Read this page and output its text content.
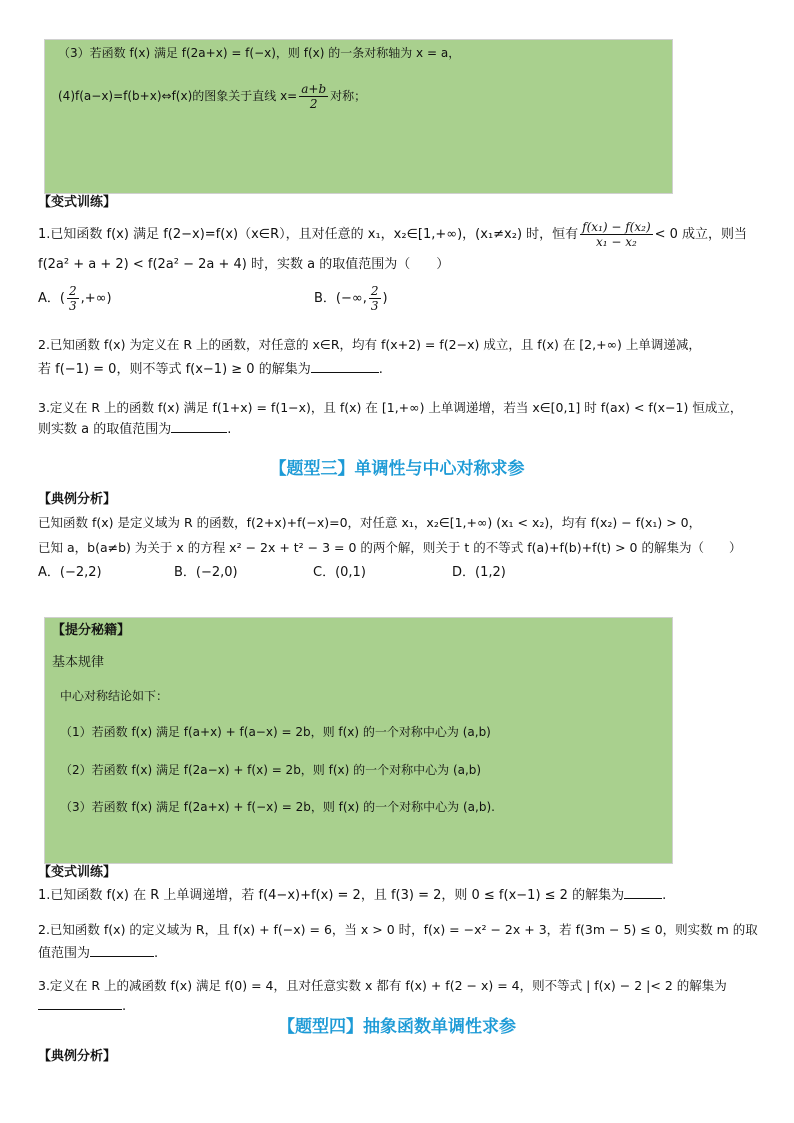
（3）若函数 f(x) 满足 f(2a+x) = f(−x)，则 f(x) 的一条对称轴为 x = a，
(4)f(a−x)=f(b+x)⇔f(x)的图象关于直线 $x= \frac{a+b}{2}$ 对称；
【变式训练】
1.已知函数 f(x) 满足 f(2−x)=f(x)（x∈R），且对任意的 x₁，x₂∈[1,+∞)，(x₁≠x₂) 时，恒有 $\frac{\text{f(x₁) − f(x₂)}}{\text{x₁ − x₂}} < 0$ 成立，则当
f(2a² + a + 2) < f(2a² − 2a + 4) 时，实数 a 的取值范围为（　　）
A．( $\frac{2}{3}$ ,+∞)	B．(−∞, $\frac{2}{3}$ )
2.已知函数 f(x) 为定义在 R 上的函数，对任意的 x∈R，均有 f(x+2) = f(2−x) 成立，且 f(x) 在 [2,+∞) 上单调递减，
若 f(−1) = 0，则不等式 f(x−1) ≥ 0 的解集为	.
3.定义在 R 上的函数 f(x) 满足 f(1+x) = f(1−x)，且 f(x) 在 [1,+∞) 上单调递增，若当 x∈[0,1] 时 f(ax) < f(x−1) 恒成立，
则实数 a 的取值范围为	.
【题型三】单调性与中心对称求参
【典例分析】
已知函数 f(x) 是定义域为 R 的函数，f(2+x)+f(−x)=0，对任意 x₁，x₂∈[1,+∞) (x₁ < x₂)，均有 f(x₂) − f(x₁) > 0，
已知 a，b(a≠b) 为关于 x 的方程 x² − 2x + t² − 3 = 0 的两个解，则关于 t 的不等式 f(a)+f(b)+f(t) > 0 的解集为（　　）
A．(−2,2)	B．(−2,0)	C．(0,1)	D．(1,2)
【提分秘籍】
基本规律
中心对称结论如下：
（1）若函数 f(x) 满足 f(a+x) + f(a−x) = 2b，则 f(x) 的一个对称中心为 (a,b)
（2）若函数 f(x) 满足 f(2a−x) + f(x) = 2b，则 f(x) 的一个对称中心为 (a,b)
（3）若函数 f(x) 满足 f(2a+x) + f(−x) = 2b，则 f(x) 的一个对称中心为 (a,b).
【变式训练】
1.已知函数 f(x) 在 R 上单调递增，若 f(4−x)+f(x) = 2，且 f(3) = 2，则 0 ≤ f(x−1) ≤ 2 的解集为	.
2.已知函数 f(x) 的定义域为 R，且 f(x) + f(−x) = 6，当 x > 0 时，f(x) = −x² − 2x + 3，若 f(3m − 5) ≤ 0，则实数 m 的取
值范围为	.
3.定义在 R 上的减函数 f(x) 满足 f(0) = 4，且对任意实数 x 都有 f(x) + f(2 − x) = 4，则不等式 | f(x) − 2 |< 2 的解集为
.
【题型四】抽象函数单调性求参
【典例分析】
